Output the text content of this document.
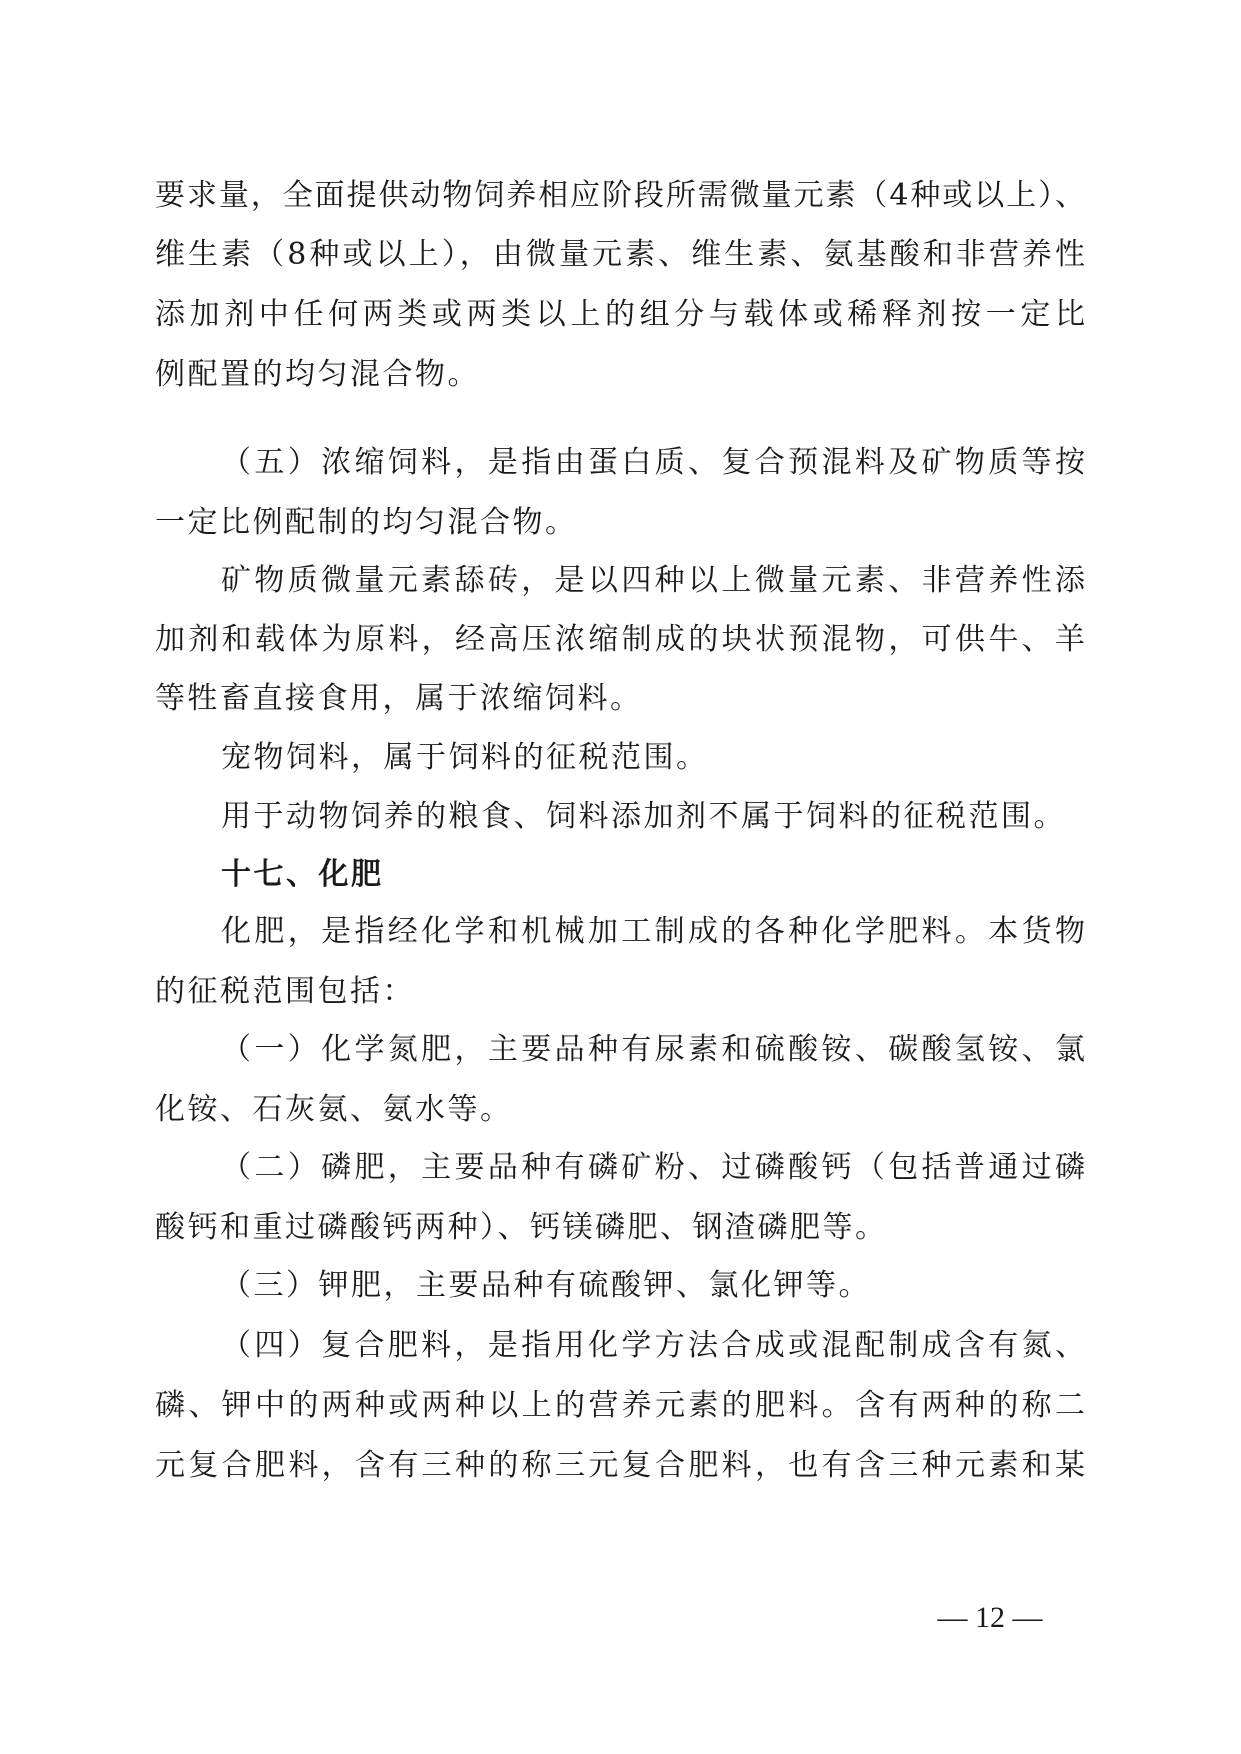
要求量，全面提供动物饲养相应阶段所需微量元素（4种或以上）、
维生素（8种或以上），由微量元素、维生素、氨基酸和非营养性
添加剂中任何两类或两类以上的组分与载体或稀释剂按一定比
例配置的均匀混合物。
（五）浓缩饲料，是指由蛋白质、复合预混料及矿物质等按
一定比例配制的均匀混合物。
矿物质微量元素舔砖，是以四种以上微量元素、非营养性添
加剂和载体为原料，经高压浓缩制成的块状预混物，可供牛、羊
等牲畜直接食用，属于浓缩饲料。
宠物饲料，属于饲料的征税范围。
用于动物饲养的粮食、饲料添加剂不属于饲料的征税范围。
十七、化肥
化肥，是指经化学和机械加工制成的各种化学肥料。本货物
的征税范围包括：
（一）化学氮肥，主要品种有尿素和硫酸铵、碳酸氢铵、氯
化铵、石灰氨、氨水等。
（二）磷肥，主要品种有磷矿粉、过磷酸钙（包括普通过磷
酸钙和重过磷酸钙两种）、钙镁磷肥、钢渣磷肥等。
（三）钾肥，主要品种有硫酸钾、氯化钾等。
（四）复合肥料，是指用化学方法合成或混配制成含有氮、
磷、钾中的两种或两种以上的营养元素的肥料。含有两种的称二
元复合肥料，含有三种的称三元复合肥料，也有含三种元素和某
— 12 —
